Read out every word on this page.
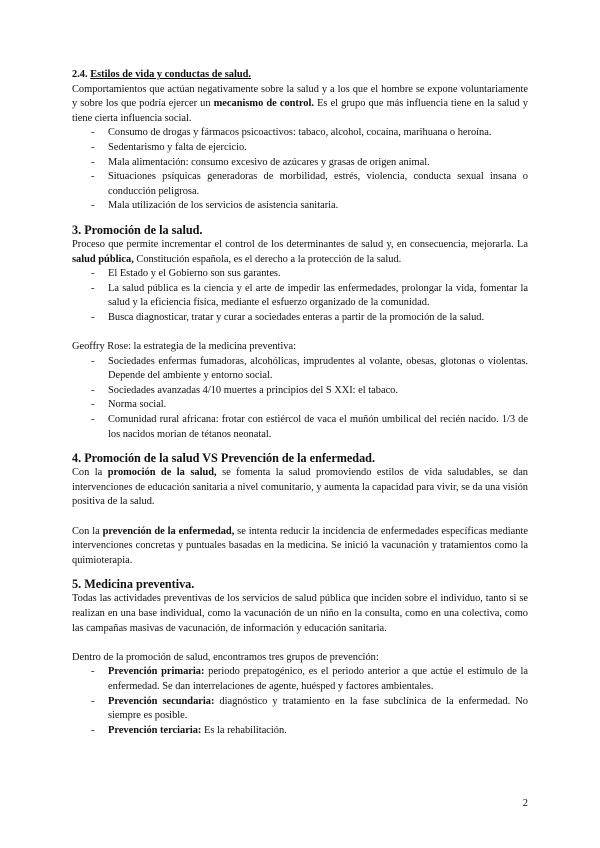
2.4. Estilos de vida y conductas de salud.

Comportamientos que actúan negativamente sobre la salud y a los que el hombre se expone voluntariamente y sobre los que podría ejercer un mecanismo de control. Es el grupo que más influencia tiene en la salud y tiene cierta influencia social.

- Consumo de drogas y fármacos psicoactivos: tabaco, alcohol, cocaína, marihuana o heroína.
- Sedentarismo y falta de ejercicio.
- Mala alimentación: consumo excesivo de azúcares y grasas de origen animal.
- Situaciones psíquicas generadoras de morbilidad, estrés, violencia, conducta sexual insana o conducción peligrosa.
- Mala utilización de los servicios de asistencia sanitaria.
3. Promoción de la salud.

Proceso que permite incrementar el control de los determinantes de salud y, en consecuencia, mejorarla. La salud pública, Constitución española, es el derecho a la protección de la salud.

- El Estado y el Gobierno son sus garantes.
- La salud pública es la ciencia y el arte de impedir las enfermedades, prolongar la vida, fomentar la salud y la eficiencia física, mediante el esfuerzo organizado de la comunidad.
- Busca diagnosticar, tratar y curar a sociedades enteras a partir de la promoción de la salud.

Geoffry Rose: la estrategia de la medicina preventiva:

- Sociedades enfermas fumadoras, alcohólicas, imprudentes al volante, obesas, glotonas o violentas. Depende del ambiente y entorno social.
- Sociedades avanzadas 4/10 muertes a principios del S XXI: el tabaco.
- Norma social.
- Comunidad rural africana: frotar con estiércol de vaca el muñón umbilical del recién nacido. 1/3 de los nacidos morían de tétanos neonatal.
4. Promoción de la salud VS Prevención de la enfermedad.

Con la promoción de la salud, se fomenta la salud promoviendo estilos de vida saludables, se dan intervenciones de educación sanitaria a nivel comunitario, y aumenta la capacidad para vivir, se da una visión positiva de la salud.

Con la prevención de la enfermedad, se intenta reducir la incidencia de enfermedades específicas mediante intervenciones concretas y puntuales basadas en la medicina. Se inició la vacunación y tratamientos como la quimioterapia.

5. Medicina preventiva.

Todas las actividades preventivas de los servicios de salud pública que inciden sobre el individuo, tanto si se realizan en una base individual, como la vacunación de un niño en la consulta, como en una colectiva, como las campañas masivas de vacunación, de información y educación sanitaria.

Dentro de la promoción de salud, encontramos tres grupos de prevención:

- Prevención primaria: periodo prepatogénico, es el periodo anterior a que actúe el estímulo de la enfermedad. Se dan interrelaciones de agente, huésped y factores ambientales.
- Prevención secundaria: diagnóstico y tratamiento en la fase subclínica de la enfermedad. No siempre es posible.
- Prevención terciaria: Es la rehabilitación.
2
